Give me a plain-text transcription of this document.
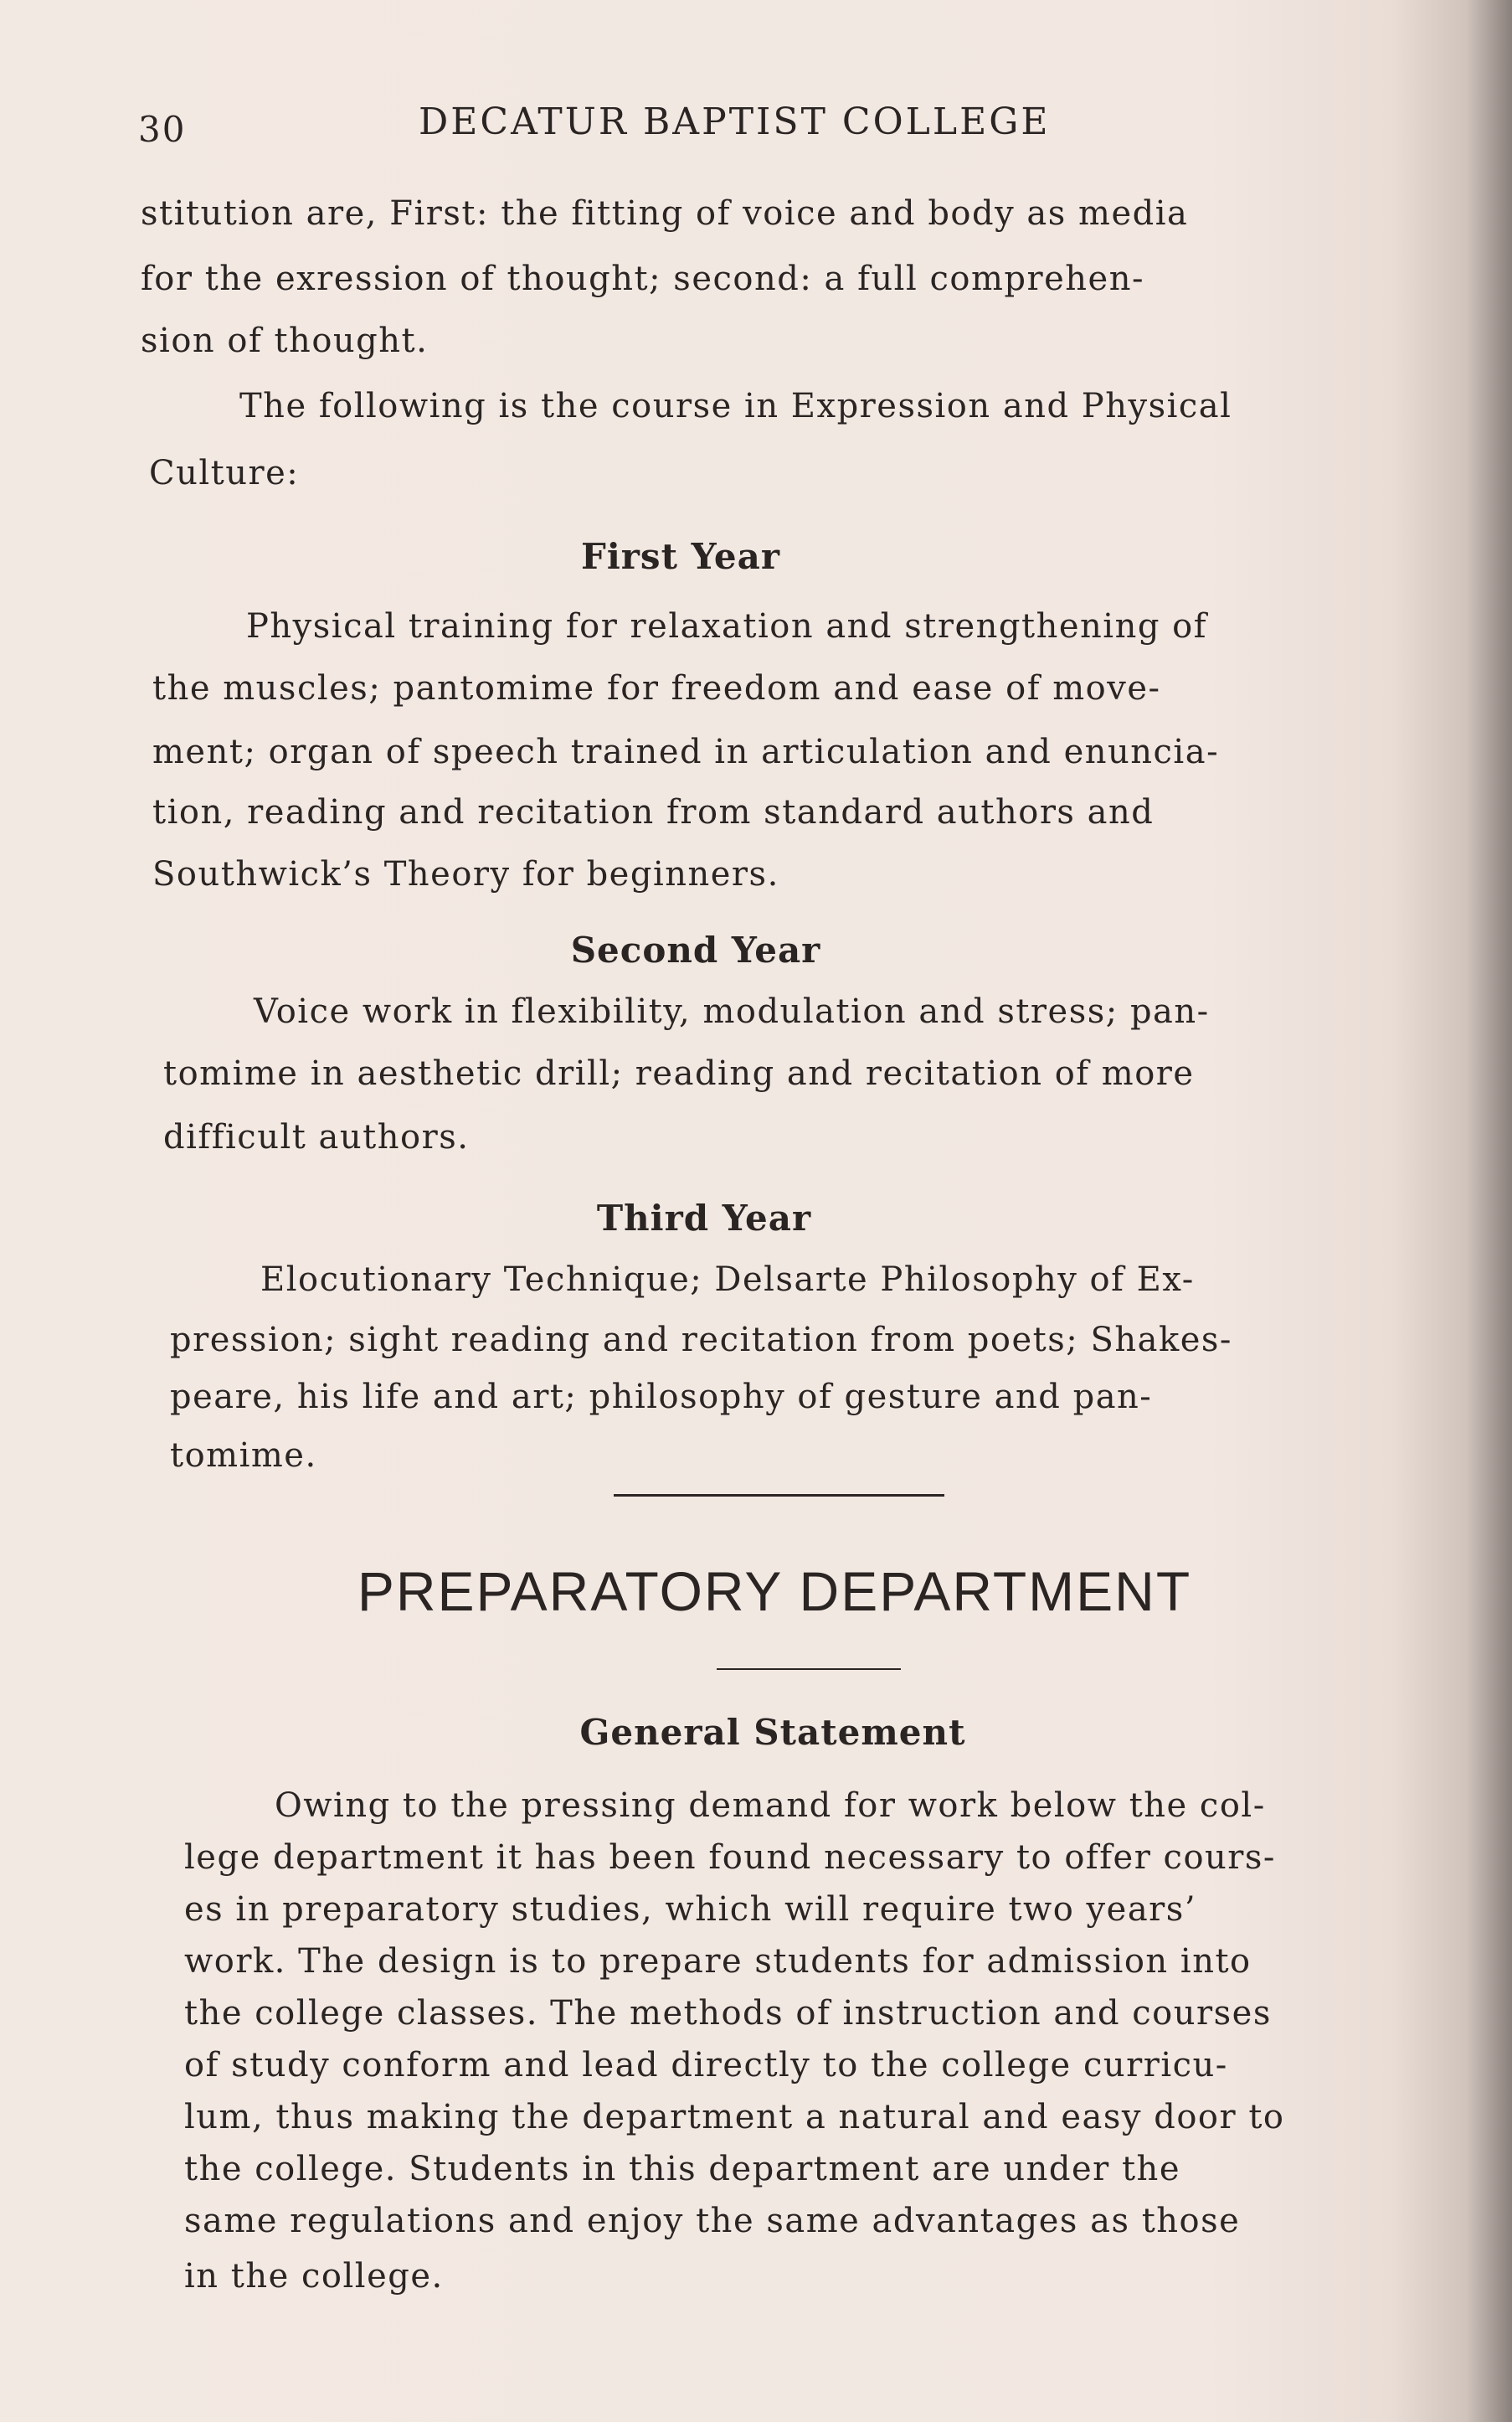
30	DECATUR BAPTIST COLLEGE
stitution are, First: the fitting of voice and body as media
for the exression of thought; second: a full comprehen-
sion of thought.
The following is the course in Expression and Physical
Culture:
First Year
Physical training for relaxation and strengthening of
the muscles; pantomime for freedom and ease of move-
ment; organ of speech trained in articulation and enuncia-
tion, reading and recitation from standard authors and
Southwick’s Theory for beginners.
Second Year
Voice work in flexibility, modulation and stress; pan-
tomime in aesthetic drill; reading and recitation of more
difficult authors.
Third Year
Elocutionary Technique; Delsarte Philosophy of Ex-
pression; sight reading and recitation from poets; Shakes-
peare, his life and art; philosophy of gesture and pan-
tomime.
PREPARATORY DEPARTMENT
General Statement
Owing to the pressing demand for work below the col-
lege department it has been found necessary to offer cours-
es in preparatory studies, which will require two years’
work. The design is to prepare students for admission into
the college classes. The methods of instruction and courses
of study conform and lead directly to the college curricu-
lum, thus making the department a natural and easy door to
the college. Students in this department are under the
same regulations and enjoy the same advantages as those
in the college.
